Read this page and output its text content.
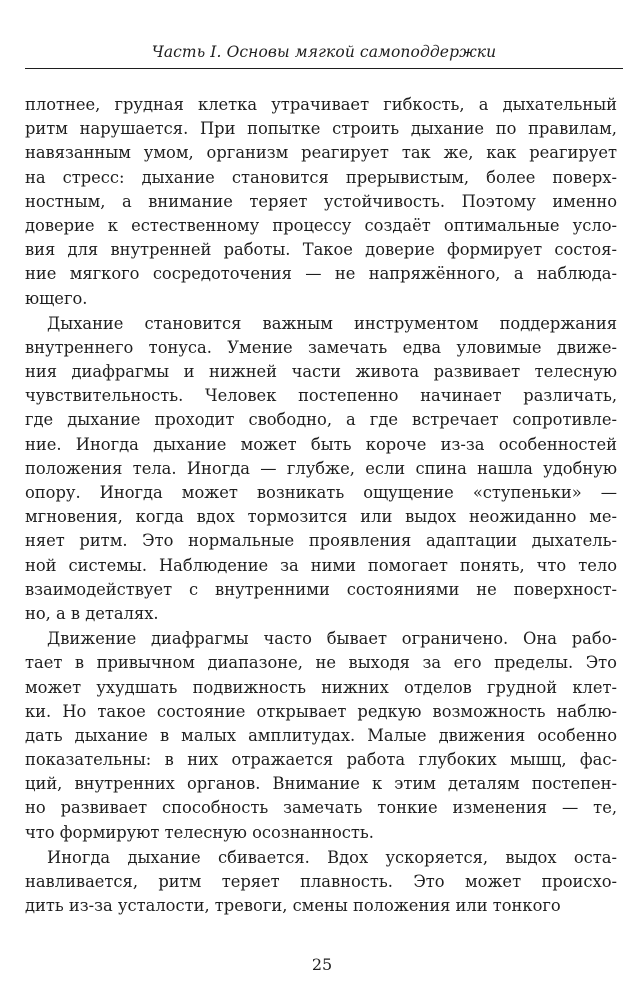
Часть I. Основы мягкой самоподдержки
плотнее, грудная клетка утрачивает гибкость, а дыхательный
ритм нарушается. При попытке строить дыхание по правилам,
навязанным умом, организм реагирует так же, как реагирует
на стресс: дыхание становится прерывистым, более поверх-
ностным, а внимание теряет устойчивость. Поэтому именно
доверие к естественному процессу создаёт оптимальные усло-
вия для внутренней работы. Такое доверие формирует состоя-
ние мягкого сосредоточения — не напряжённого, а наблюда-
ющего.
Дыхание становится важным инструментом поддержания
внутреннего тонуса. Умение замечать едва уловимые движе-
ния диафрагмы и нижней части живота развивает телесную
чувствительность. Человек постепенно начинает различать,
где дыхание проходит свободно, а где встречает сопротивле-
ние. Иногда дыхание может быть короче из-за особенностей
положения тела. Иногда — глубже, если спина нашла удобную
опору. Иногда может возникать ощущение «ступеньки» —
мгновения, когда вдох тормозится или выдох неожиданно ме-
няет ритм. Это нормальные проявления адаптации дыхатель-
ной системы. Наблюдение за ними помогает понять, что тело
взаимодействует с внутренними состояниями не поверхност-
но, а в деталях.
Движение диафрагмы часто бывает ограничено. Она рабо-
тает в привычном диапазоне, не выходя за его пределы. Это
может ухудшать подвижность нижних отделов грудной клет-
ки. Но такое состояние открывает редкую возможность наблю-
дать дыхание в малых амплитудах. Малые движения особенно
показательны: в них отражается работа глубоких мышц, фас-
ций, внутренних органов. Внимание к этим деталям постепен-
но развивает способность замечать тонкие изменения — те,
что формируют телесную осознанность.
Иногда дыхание сбивается. Вдох ускоряется, выдох оста-
навливается, ритм теряет плавность. Это может происхо-
дить из-за усталости, тревоги, смены положения или тонкого
25
